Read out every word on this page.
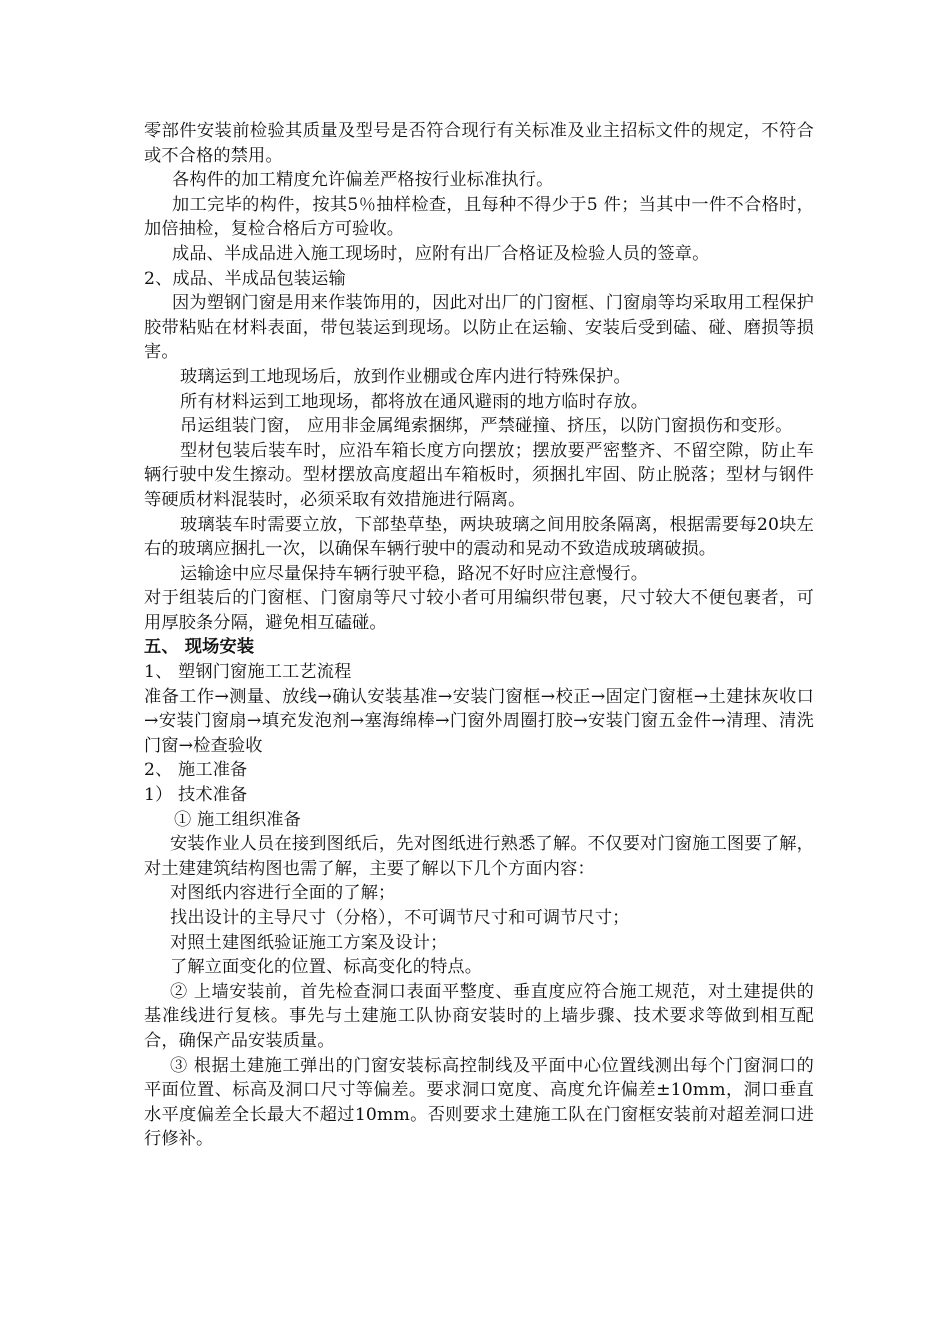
零部件安装前检验其质量及型号是否符合现行有关标准及业主招标文件的规定，不符合或不合格的禁用。

各构件的加工精度允许偏差严格按行业标准执行。

加工完毕的构件，按其5％抽样检查，且每种不得少于5 件；当其中一件不合格时，加倍抽检，复检合格后方可验收。

成品、半成品进入施工现场时，应附有出厂合格证及检验人员的签章。

2、成品、半成品包装运输

因为塑钢门窗是用来作装饰用的，因此对出厂的门窗框、门窗扇等均采取用工程保护胶带粘贴在材料表面，带包装运到现场。以防止在运输、安装后受到磕、碰、磨损等损害。

玻璃运到工地现场后，放到作业棚或仓库内进行特殊保护。

所有材料运到工地现场，都将放在通风避雨的地方临时存放。

吊运组装门窗， 应用非金属绳索捆绑，严禁碰撞、挤压，以防门窗损伤和变形。

型材包装后装车时，应沿车箱长度方向摆放；摆放要严密整齐、不留空隙，防止车辆行驶中发生擦动。型材摆放高度超出车箱板时，须捆扎牢固、防止脱落；型材与钢件等硬质材料混装时，必须采取有效措施进行隔离。

玻璃装车时需要立放，下部垫草垫，两块玻璃之间用胶条隔离，根据需要每20块左右的玻璃应捆扎一次，以确保车辆行驶中的震动和晃动不致造成玻璃破损。

运输途中应尽量保持车辆行驶平稳，路况不好时应注意慢行。

对于组装后的门窗框、门窗扇等尺寸较小者可用编织带包裹，尺寸较大不便包裹者，可用厚胶条分隔，避免相互磕碰。

五、 现场安装

1、 塑钢门窗施工工艺流程

准备工作→测量、放线→确认安装基准→安装门窗框→校正→固定门窗框→土建抹灰收口→安装门窗扇→填充发泡剂→塞海绵棒→门窗外周圈打胶→安装门窗五金件→清理、清洗门窗→检查验收

2、 施工准备

1） 技术准备

① 施工组织准备

安装作业人员在接到图纸后，先对图纸进行熟悉了解。不仅要对门窗施工图要了解，对土建建筑结构图也需了解，主要了解以下几个方面内容：

对图纸内容进行全面的了解；

找出设计的主导尺寸（分格），不可调节尺寸和可调节尺寸；

对照土建图纸验证施工方案及设计；

了解立面变化的位置、标高变化的特点。

② 上墙安装前，首先检查洞口表面平整度、垂直度应符合施工规范，对土建提供的基准线进行复核。事先与土建施工队协商安装时的上墙步骤、技术要求等做到相互配合，确保产品安装质量。

③ 根据土建施工弹出的门窗安装标高控制线及平面中心位置线测出每个门窗洞口的平面位置、标高及洞口尺寸等偏差。要求洞口宽度、高度允许偏差±10mm，洞口垂直水平度偏差全长最大不超过10mm。否则要求土建施工队在门窗框安装前对超差洞口进行修补。
